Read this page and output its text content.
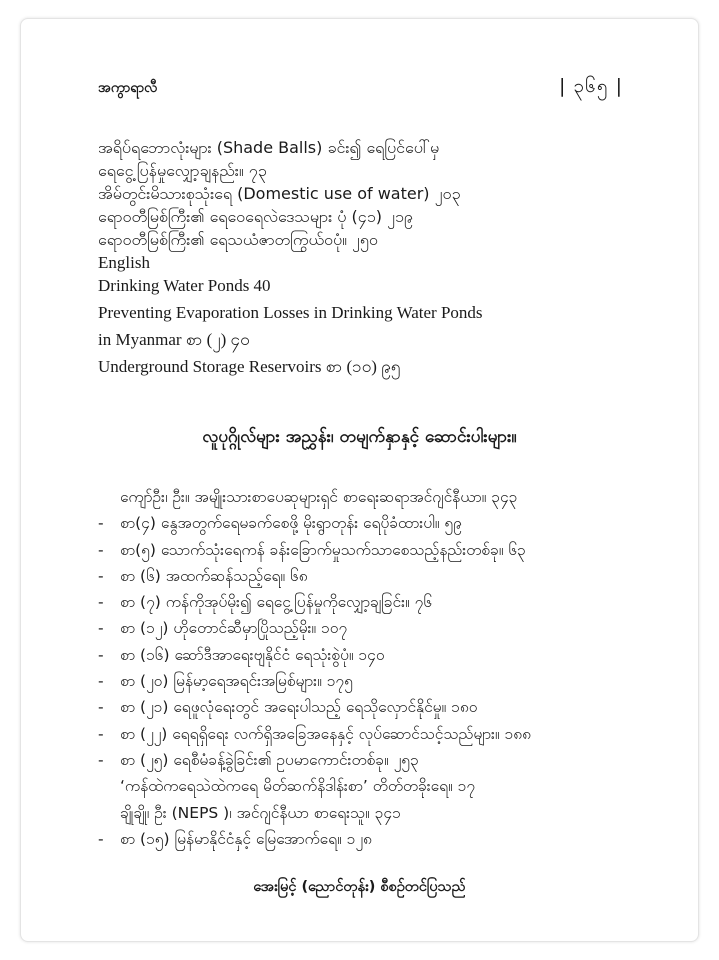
အကွာရာလီ	| ၃၆၅ |
အရိပ်ရဘောလုံးများ (Shade Balls) ခင်း၍ ရေပြင်ပေါ်မှ
ရေငွေ့ပြန်မှုလျှော့ချနည်း။ ၇၃
အိမ်တွင်းမိသားစုသုံးရေ (Domestic use of water) ၂၀၃
ရောဝတီမြစ်ကြီး၏ ရေဝေရေလဲဒေသများ ပုံ (၄၁) ၂၁၉
ရောဝတီမြစ်ကြီး၏ ရေသယံဇာတကြွယ်ဝပုံ။ ၂၅၀
English
Drinking Water Ponds 40
Preventing Evaporation Losses in Drinking Water Ponds
in Myanmar စာ (၂) ၄၀
Underground Storage Reservoirs စာ (၁၀) ၉၅
လူပုဂ္ဂိုလ်များ အညွှန်း၊ တမျက်နှာနှင့် ဆောင်းပါးများ။
ကျော်ဦး၊ ဦး။ အမျိုးသားစာပေဆုများရှင် စာရေးဆရာအင်ဂျင်နီယာ။ ၃၄၃
- စာ(၄) နွေအတွက်ရေမခက်စေဖို့ မိုးရွာတုန်း ရေပိုခံထားပါ။ ၅၉
- စာ(၅) သောက်သုံးရေကန် ခန်းခြောက်မှုသက်သာစေသည့်နည်းတစ်ခု။ ၆၃
- စာ (၆) အထက်ဆန်သည့်ရေ။ ၆၈
- စာ (၇) ကန်ကိုအုပ်မိုး၍ ရေငွေ့ပြန်မှုကိုလျှော့ချခြင်း။ ၇၆
- စာ (၁၂) ဟိုတောင်ဆီမှာပြိုသည့်မိုး။ ၁၀၇
- စာ (၁၆) ဆော်ဒီအာရေးဗျနိုင်ငံ ရေသုံးစွဲပုံ။ ၁၄၀
- စာ (၂၀) မြန်မာ့ရေအရင်းအမြစ်များ။ ၁၇၅
- စာ (၂၁) ရေဖူလုံရေးတွင် အရေးပါသည့် ရေသိုလှောင်နိုင်မှု။ ၁၈၀
- စာ (၂၂) ရေရရှိရေး လက်ရှိအခြေအနေနှင့် လုပ်ဆောင်သင့်သည်များ။ ၁၈၈
- စာ (၂၅) ရေစီမံခန့်ခွဲခြင်း၏ ဥပမာကောင်းတစ်ခု။ ၂၅၃
‘ကန်ထဲကရေသဲထဲကရေ မိတ်ဆက်နိဒါန်းစာ’ တိတ်တခိုးရေ။ ၁၇
ချိုချို၊ ဦး (NEPS )၊ အင်ဂျင်နီယာ စာရေးသူ။ ၃၄၁
- စာ (၁၅) မြန်မာနိုင်ငံနှင့် မြေအောက်ရေ။ ၁၂၈
အေးမြင့် (ညောင်တုန်း) စီစဉ်တင်ပြသည်
